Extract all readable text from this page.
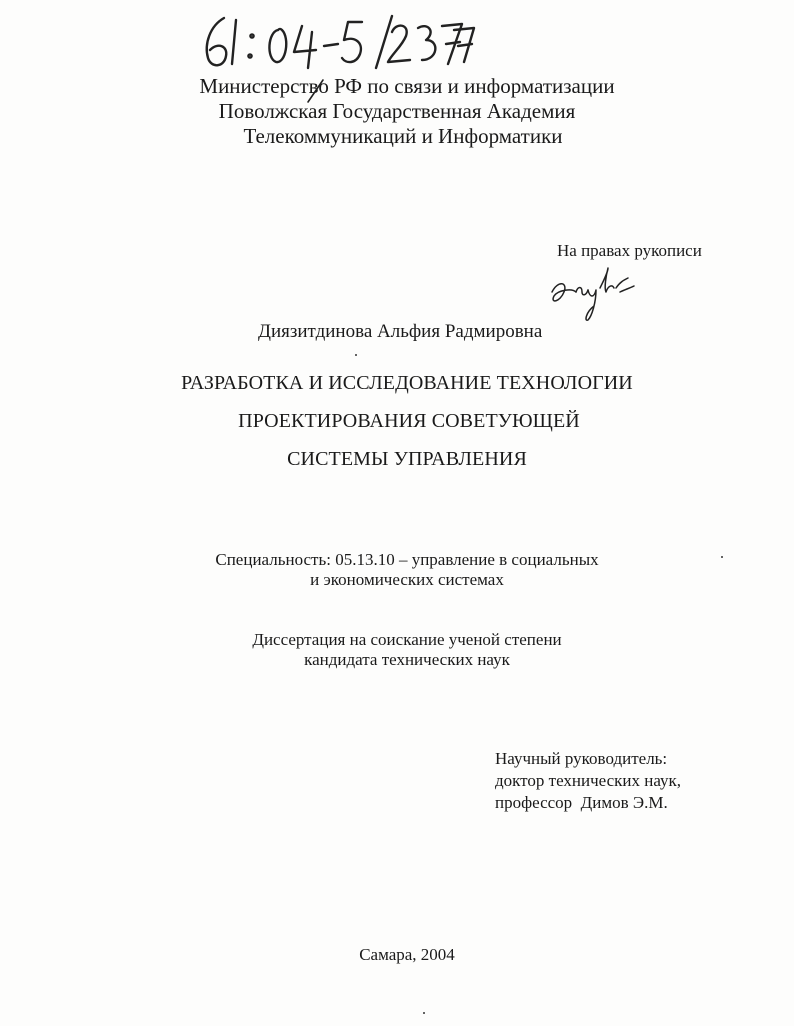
Министерство РФ по связи и информатизации
Поволжская Государственная Академия
Телекоммуникаций и Информатики
На правах рукописи
Диязитдинова Альфия Радмировна
РАЗРАБОТКА И ИССЛЕДОВАНИЕ ТЕХНОЛОГИИ
ПРОЕКТИРОВАНИЯ СОВЕТУЮЩЕЙ
СИСТЕМЫ УПРАВЛЕНИЯ
Специальность: 05.13.10 – управление в социальных
и экономических системах
Диссертация на соискание ученой степени
кандидата технических наук
Научный руководитель:
доктор технических наук,
профессор  Димов Э.М.
Самара, 2004
